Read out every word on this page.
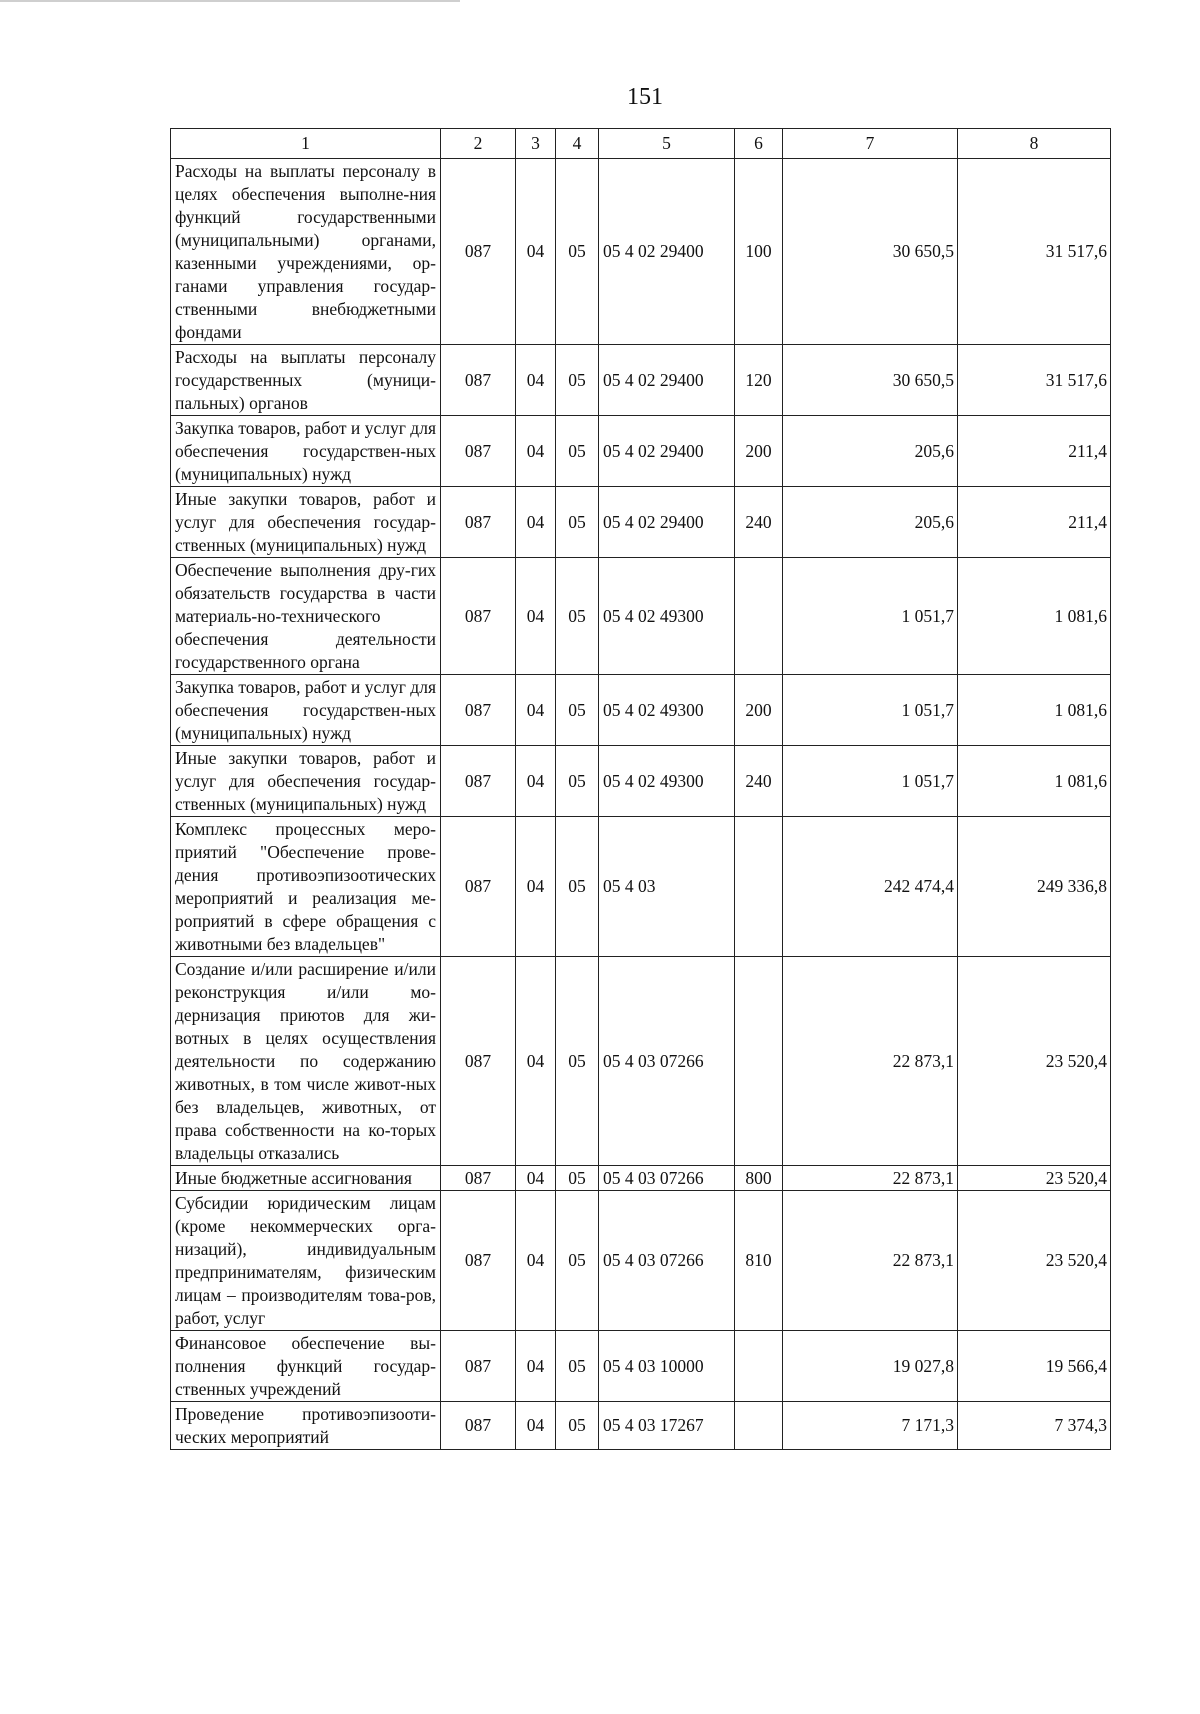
151
1	2	3	4	5	6	7	8
Расходы на выплаты персоналу в целях обеспечения выполне-ния функций государственными (муниципальными) органами, казенными учреждениями, ор-ганами управления государ-ственными внебюджетными фондами	087	04	05	05 4 02 29400	100	30 650,5	31 517,6
Расходы на выплаты персоналу государственных (муници-пальных) органов	087	04	05	05 4 02 29400	120	30 650,5	31 517,6
Закупка товаров, работ и услуг для обеспечения государствен-ных (муниципальных) нужд	087	04	05	05 4 02 29400	200	205,6	211,4
Иные закупки товаров, работ и услуг для обеспечения государ-ственных (муниципальных) нужд	087	04	05	05 4 02 29400	240	205,6	211,4
Обеспечение выполнения дру-гих обязательств государства в части материаль-но-технического обеспечения деятельности государственного органа	087	04	05	05 4 02 49300		1 051,7	1 081,6
Закупка товаров, работ и услуг для обеспечения государствен-ных (муниципальных) нужд	087	04	05	05 4 02 49300	200	1 051,7	1 081,6
Иные закупки товаров, работ и услуг для обеспечения государ-ственных (муниципальных) нужд	087	04	05	05 4 02 49300	240	1 051,7	1 081,6
Комплекс процессных меро-приятий "Обеспечение прове-дения противоэпизоотических мероприятий и реализация ме-роприятий в сфере обращения с животными без владельцев"	087	04	05	05 4 03		242 474,4	249 336,8
Создание и/или расширение и/или реконструкция и/или мо-дернизация приютов для жи-вотных в целях осуществления деятельности по содержанию животных, в том числе живот-ных без владельцев, животных, от права собственности на ко-торых владельцы отказались	087	04	05	05 4 03 07266		22 873,1	23 520,4
Иные бюджетные ассигнования	087	04	05	05 4 03 07266	800	22 873,1	23 520,4
Субсидии юридическим лицам (кроме некоммерческих орга-низаций), индивидуальным предпринимателям, физическим лицам – производителям това-ров, работ, услуг	087	04	05	05 4 03 07266	810	22 873,1	23 520,4
Финансовое обеспечение вы-полнения функций государ-ственных учреждений	087	04	05	05 4 03 10000		19 027,8	19 566,4
Проведение противоэпизооти-ческих мероприятий	087	04	05	05 4 03 17267		7 171,3	7 374,3
